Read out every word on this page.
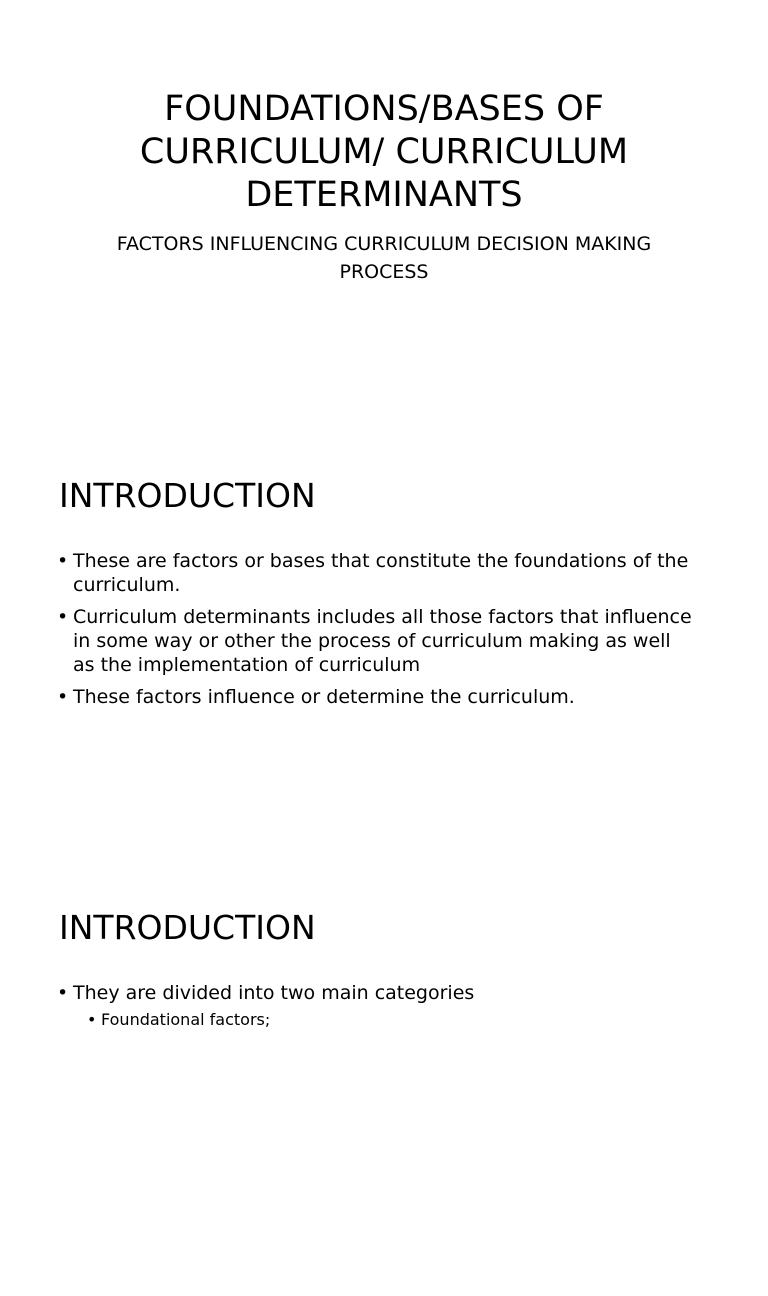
FOUNDATIONS/BASES OF CURRICULUM/ CURRICULUM DETERMINANTS

FACTORS INFLUENCING CURRICULUM DECISION MAKING PROCESS

INTRODUCTION
• These are factors or bases that constitute the foundations of the curriculum.
• Curriculum determinants includes all those factors that influence in some way or other the process of curriculum making as well as the implementation of curriculum
• These factors influence or determine the curriculum.
INTRODUCTION
• They are divided into two main categories
• Foundational factors;
